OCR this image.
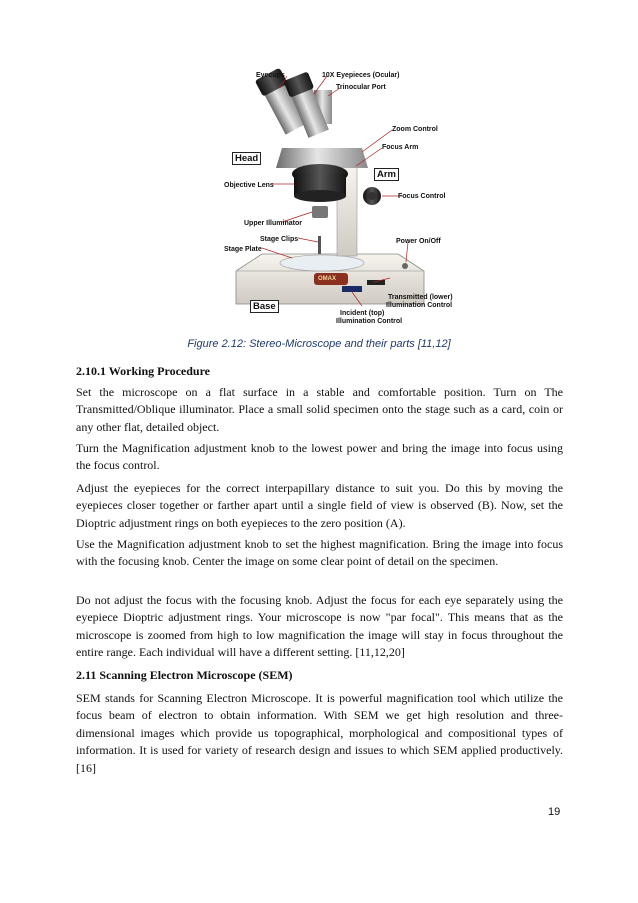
Eyecups	10X Eyepieces (Ocular)
Trinocular Port
Zoom Control
Focus Arm
Head
Arm
Objective Lens
Focus Control
Upper Illuminator
Stage Clips
Stage Plate
Power On/Off
Base
Transmitted (lower)
Illumination Control
Incident (top)
Illumination Control
OMAX
Figure 2.12: Stereo-Microscope and their parts [11,12]
2.10.1 Working Procedure

Set the microscope on a flat surface in a stable and comfortable position. Turn on The Transmitted/Oblique illuminator. Place a small solid specimen onto the stage such as a card, coin or any other flat, detailed object.

Turn the Magnification adjustment knob to the lowest power and bring the image into focus using the focus control.

Adjust the eyepieces for the correct interpapillary distance to suit you. Do this by moving the eyepieces closer together or farther apart until a single field of view is observed (B). Now, set the Dioptric adjustment rings on both eyepieces to the zero position (A).

Use the Magnification adjustment knob to set the highest magnification. Bring the image into focus with the focusing knob. Center the image on some clear point of detail on the specimen.

Do not adjust the focus with the focusing knob. Adjust the focus for each eye separately using the eyepiece Dioptric adjustment rings. Your microscope is now "par focal". This means that as the microscope is zoomed from high to low magnification the image will stay in focus throughout the entire range. Each individual will have a different setting. [11,12,20]

2.11 Scanning Electron Microscope (SEM)

SEM stands for Scanning Electron Microscope. It is powerful magnification tool which utilize the focus beam of electron to obtain information. With SEM we get high resolution and three-dimensional images which provide us topographical, morphological and compositional types of information. It is used for variety of research design and issues to which SEM applied productively. [16]

19
